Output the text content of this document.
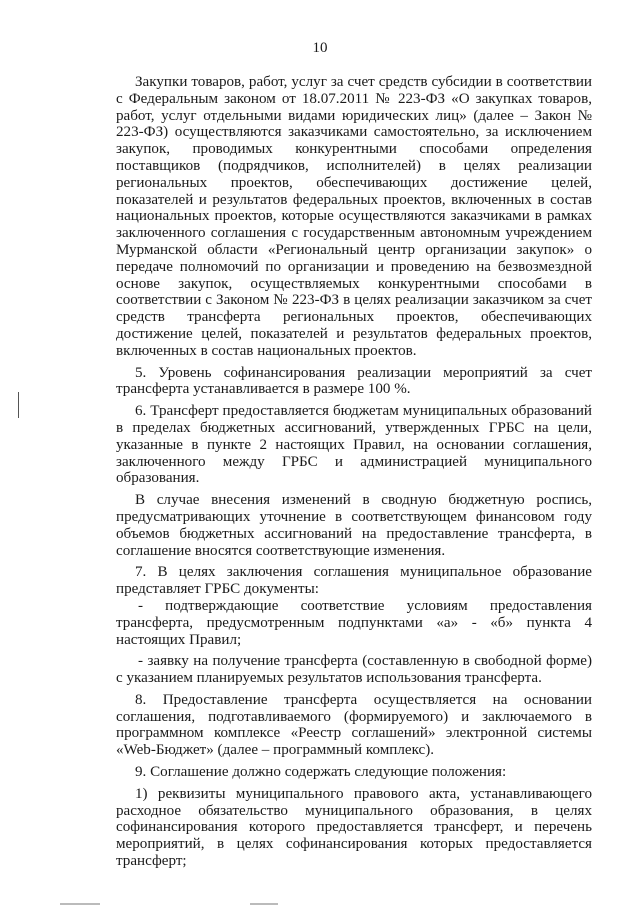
10

Закупки товаров, работ, услуг за счет средств субсидии в соответствии с Федеральным законом от 18.07.2011 № 223-ФЗ «О закупках товаров, работ, услуг отдельными видами юридических лиц» (далее – Закон № 223-ФЗ) осуществляются заказчиками самостоятельно, за исключением закупок, проводимых конкурентными способами определения поставщиков (подрядчиков, исполнителей) в целях реализации региональных проектов, обеспечивающих достижение целей, показателей и результатов федеральных проектов, включенных в состав национальных проектов, которые осуществляются заказчиками в рамках заключенного соглашения с государственным автономным учреждением Мурманской области «Региональный центр организации закупок» о передаче полномочий по организации и проведению на безвозмездной основе закупок, осуществляемых конкурентными способами в соответствии с Законом № 223-ФЗ в целях реализации заказчиком за счет средств трансферта региональных проектов, обеспечивающих достижение целей, показателей и результатов федеральных проектов, включенных в состав национальных проектов.

5. Уровень софинансирования реализации мероприятий за счет трансферта устанавливается в размере 100 %.

6. Трансферт предоставляется бюджетам муниципальных образований в пределах бюджетных ассигнований, утвержденных ГРБС на цели, указанные в пункте 2 настоящих Правил, на основании соглашения, заключенного между ГРБС и администрацией муниципального образования.

В случае внесения изменений в сводную бюджетную роспись, предусматривающих уточнение в соответствующем финансовом году объемов бюджетных ассигнований на предоставление трансферта, в соглашение вносятся соответствующие изменения.

7. В целях заключения соглашения муниципальное образование представляет ГРБС документы:

- подтверждающие соответствие условиям предоставления трансферта, предусмотренным подпунктами «а» - «б» пункта 4 настоящих Правил;

- заявку на получение трансферта (составленную в свободной форме) с указанием планируемых результатов использования трансферта.

8. Предоставление трансферта осуществляется на основании соглашения, подготавливаемого (формируемого) и заключаемого в программном комплексе «Реестр соглашений» электронной системы «Web-Бюджет» (далее – программный комплекс).

9. Соглашение должно содержать следующие положения:

1) реквизиты муниципального правового акта, устанавливающего расходное обязательство муниципального образования, в целях софинансирования которого предоставляется трансферт, и перечень мероприятий, в целях софинансирования которых предоставляется трансферт;
